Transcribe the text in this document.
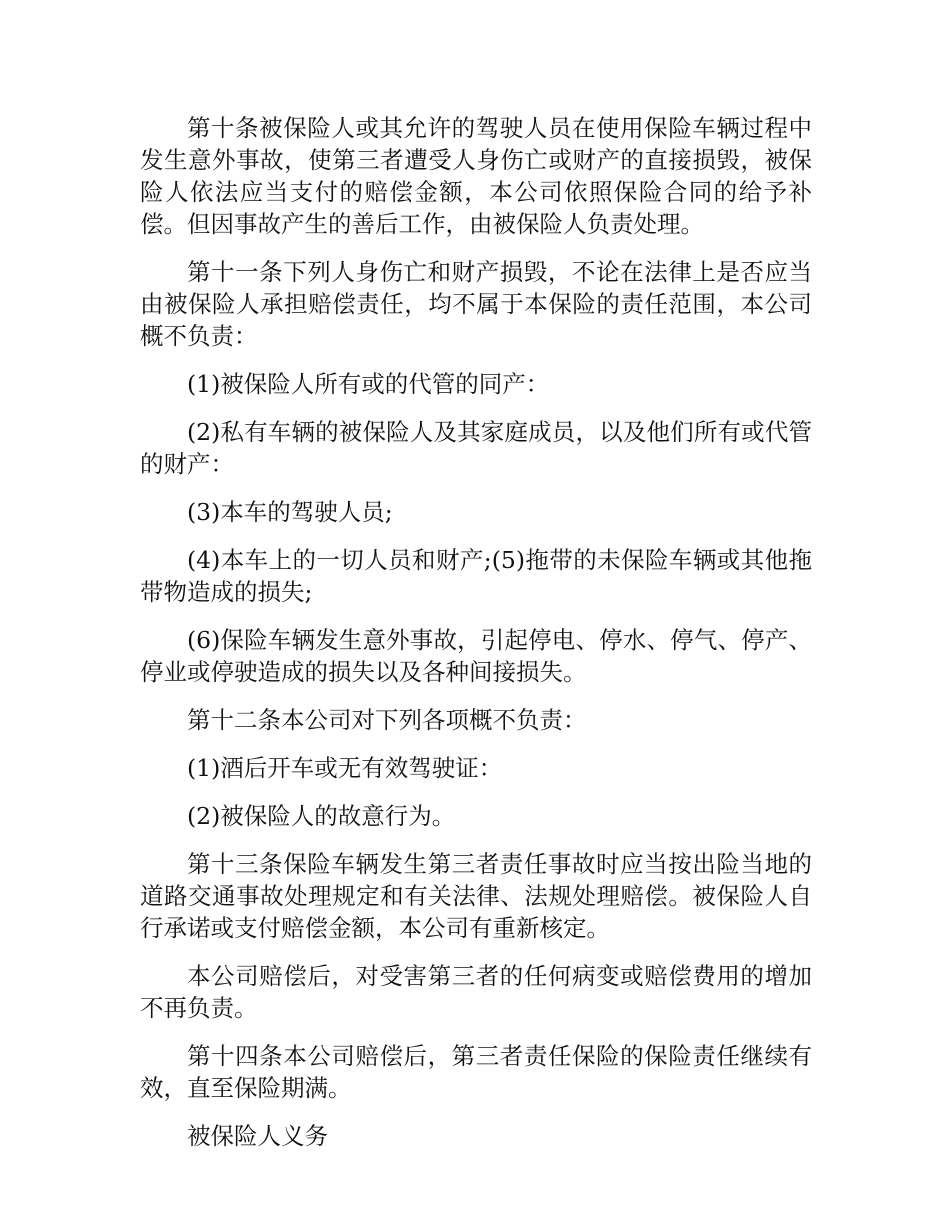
第十条被保险人或其允许的驾驶人员在使用保险车辆过程中发生意外事故，使第三者遭受人身伤亡或财产的直接损毁，被保险人依法应当支付的赔偿金额，本公司依照保险合同的给予补偿。但因事故产生的善后工作，由被保险人负责处理。

第十一条下列人身伤亡和财产损毁，不论在法律上是否应当由被保险人承担赔偿责任，均不属于本保险的责任范围，本公司概不负责：

(1)被保险人所有或的代管的同产：

(2)私有车辆的被保险人及其家庭成员，以及他们所有或代管的财产：

(3)本车的驾驶人员;

(4)本车上的一切人员和财产;(5)拖带的未保险车辆或其他拖带物造成的损失;

(6)保险车辆发生意外事故，引起停电、停水、停气、停产、停业或停驶造成的损失以及各种间接损失。

第十二条本公司对下列各项概不负责：

(1)酒后开车或无有效驾驶证：

(2)被保险人的故意行为。

第十三条保险车辆发生第三者责任事故时应当按出险当地的道路交通事故处理规定和有关法律、法规处理赔偿。被保险人自行承诺或支付赔偿金额，本公司有重新核定。

本公司赔偿后，对受害第三者的任何病变或赔偿费用的增加不再负责。

第十四条本公司赔偿后，第三者责任保险的保险责任继续有效，直至保险期满。

被保险人义务
